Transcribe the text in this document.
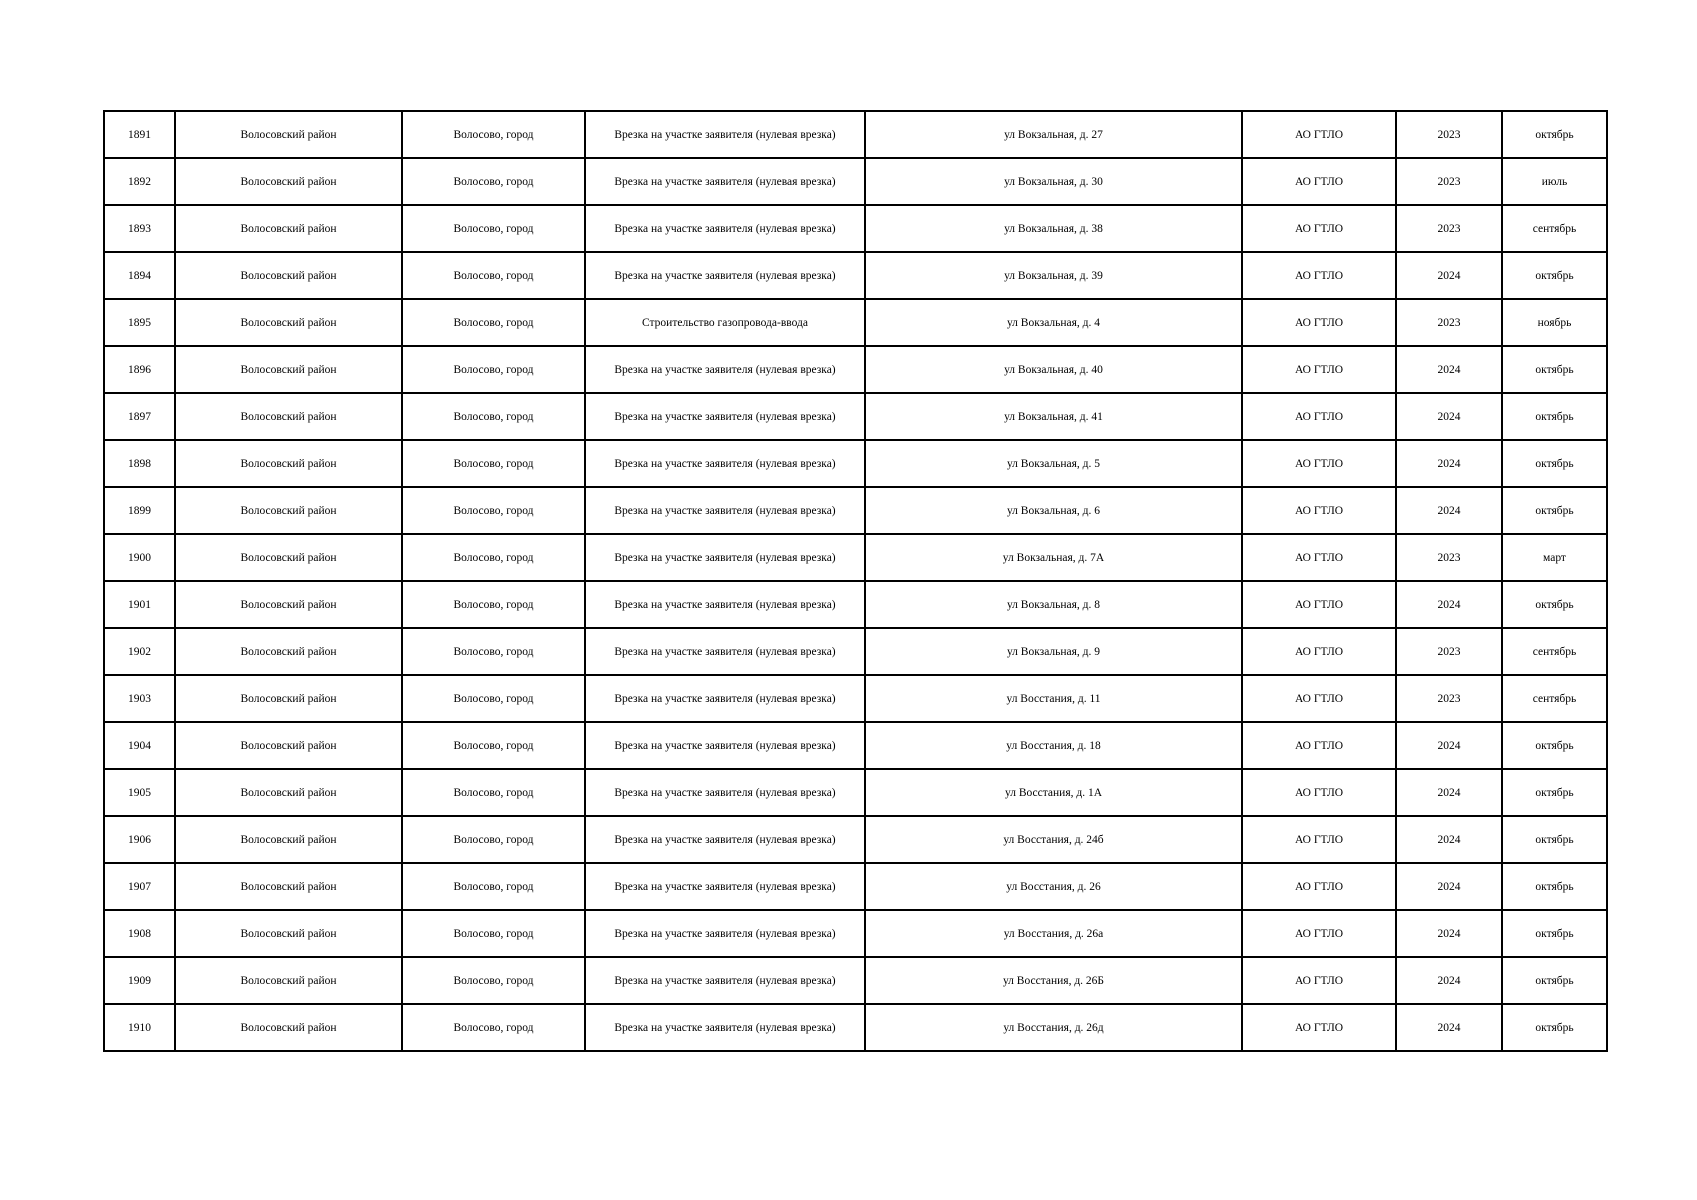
1891	Волосовский район	Волосово, город	Врезка на участке заявителя (нулевая врезка)	ул Вокзальная, д. 27	АО ГТЛО	2023	октябрь
1892	Волосовский район	Волосово, город	Врезка на участке заявителя (нулевая врезка)	ул Вокзальная, д. 30	АО ГТЛО	2023	июль
1893	Волосовский район	Волосово, город	Врезка на участке заявителя (нулевая врезка)	ул Вокзальная, д. 38	АО ГТЛО	2023	сентябрь
1894	Волосовский район	Волосово, город	Врезка на участке заявителя (нулевая врезка)	ул Вокзальная, д. 39	АО ГТЛО	2024	октябрь
1895	Волосовский район	Волосово, город	Строительство газопровода-ввода	ул Вокзальная, д. 4	АО ГТЛО	2023	ноябрь
1896	Волосовский район	Волосово, город	Врезка на участке заявителя (нулевая врезка)	ул Вокзальная, д. 40	АО ГТЛО	2024	октябрь
1897	Волосовский район	Волосово, город	Врезка на участке заявителя (нулевая врезка)	ул Вокзальная, д. 41	АО ГТЛО	2024	октябрь
1898	Волосовский район	Волосово, город	Врезка на участке заявителя (нулевая врезка)	ул Вокзальная, д. 5	АО ГТЛО	2024	октябрь
1899	Волосовский район	Волосово, город	Врезка на участке заявителя (нулевая врезка)	ул Вокзальная, д. 6	АО ГТЛО	2024	октябрь
1900	Волосовский район	Волосово, город	Врезка на участке заявителя (нулевая врезка)	ул Вокзальная, д. 7А	АО ГТЛО	2023	март
1901	Волосовский район	Волосово, город	Врезка на участке заявителя (нулевая врезка)	ул Вокзальная, д. 8	АО ГТЛО	2024	октябрь
1902	Волосовский район	Волосово, город	Врезка на участке заявителя (нулевая врезка)	ул Вокзальная, д. 9	АО ГТЛО	2023	сентябрь
1903	Волосовский район	Волосово, город	Врезка на участке заявителя (нулевая врезка)	ул Восстания, д. 11	АО ГТЛО	2023	сентябрь
1904	Волосовский район	Волосово, город	Врезка на участке заявителя (нулевая врезка)	ул Восстания, д. 18	АО ГТЛО	2024	октябрь
1905	Волосовский район	Волосово, город	Врезка на участке заявителя (нулевая врезка)	ул Восстания, д. 1А	АО ГТЛО	2024	октябрь
1906	Волосовский район	Волосово, город	Врезка на участке заявителя (нулевая врезка)	ул Восстания, д. 24б	АО ГТЛО	2024	октябрь
1907	Волосовский район	Волосово, город	Врезка на участке заявителя (нулевая врезка)	ул Восстания, д. 26	АО ГТЛО	2024	октябрь
1908	Волосовский район	Волосово, город	Врезка на участке заявителя (нулевая врезка)	ул Восстания, д. 26а	АО ГТЛО	2024	октябрь
1909	Волосовский район	Волосово, город	Врезка на участке заявителя (нулевая врезка)	ул Восстания, д. 26Б	АО ГТЛО	2024	октябрь
1910	Волосовский район	Волосово, город	Врезка на участке заявителя (нулевая врезка)	ул Восстания, д. 26д	АО ГТЛО	2024	октябрь
